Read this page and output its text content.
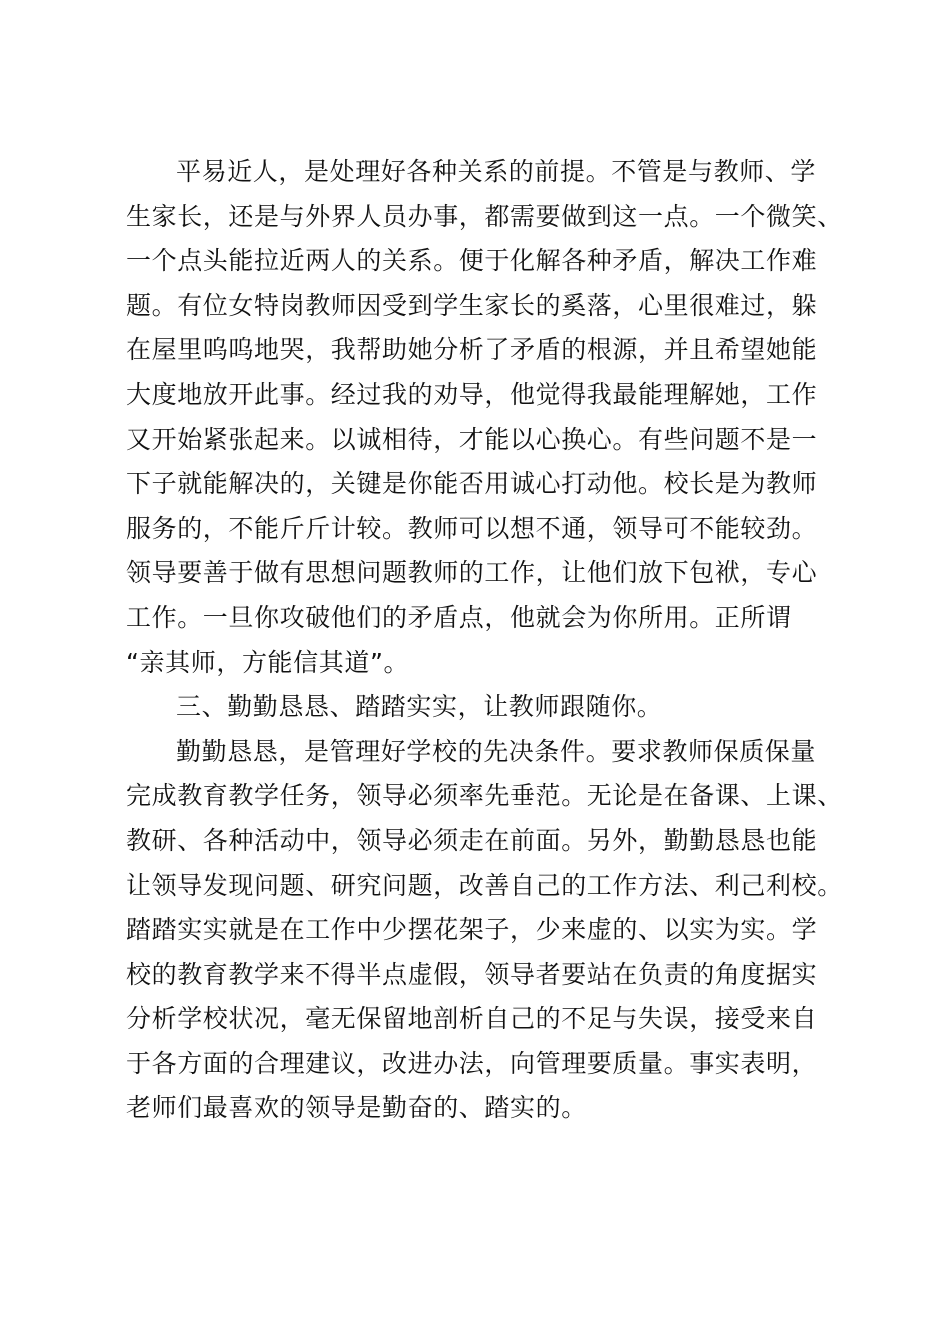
平易近人，是处理好各种关系的前提。不管是与教师、学
生家长，还是与外界人员办事，都需要做到这一点。一个微笑、
一个点头能拉近两人的关系。便于化解各种矛盾，解决工作难
题。有位女特岗教师因受到学生家长的奚落，心里很难过，躲
在屋里呜呜地哭，我帮助她分析了矛盾的根源，并且希望她能
大度地放开此事。经过我的劝导，他觉得我最能理解她，工作
又开始紧张起来。以诚相待，才能以心换心。有些问题不是一
下子就能解决的，关键是你能否用诚心打动他。校长是为教师
服务的，不能斤斤计较。教师可以想不通，领导可不能较劲。
领导要善于做有思想问题教师的工作，让他们放下包袱，专心
工作。一旦你攻破他们的矛盾点，他就会为你所用。正所谓
“亲其师，方能信其道”。
三、勤勤恳恳、踏踏实实，让教师跟随你。
勤勤恳恳，是管理好学校的先决条件。要求教师保质保量
完成教育教学任务，领导必须率先垂范。无论是在备课、上课、
教研、各种活动中，领导必须走在前面。另外，勤勤恳恳也能
让领导发现问题、研究问题，改善自己的工作方法、利己利校。
踏踏实实就是在工作中少摆花架子，少来虚的、以实为实。学
校的教育教学来不得半点虚假，领导者要站在负责的角度据实
分析学校状况，毫无保留地剖析自己的不足与失误，接受来自
于各方面的合理建议，改进办法，向管理要质量。事实表明，
老师们最喜欢的领导是勤奋的、踏实的。
